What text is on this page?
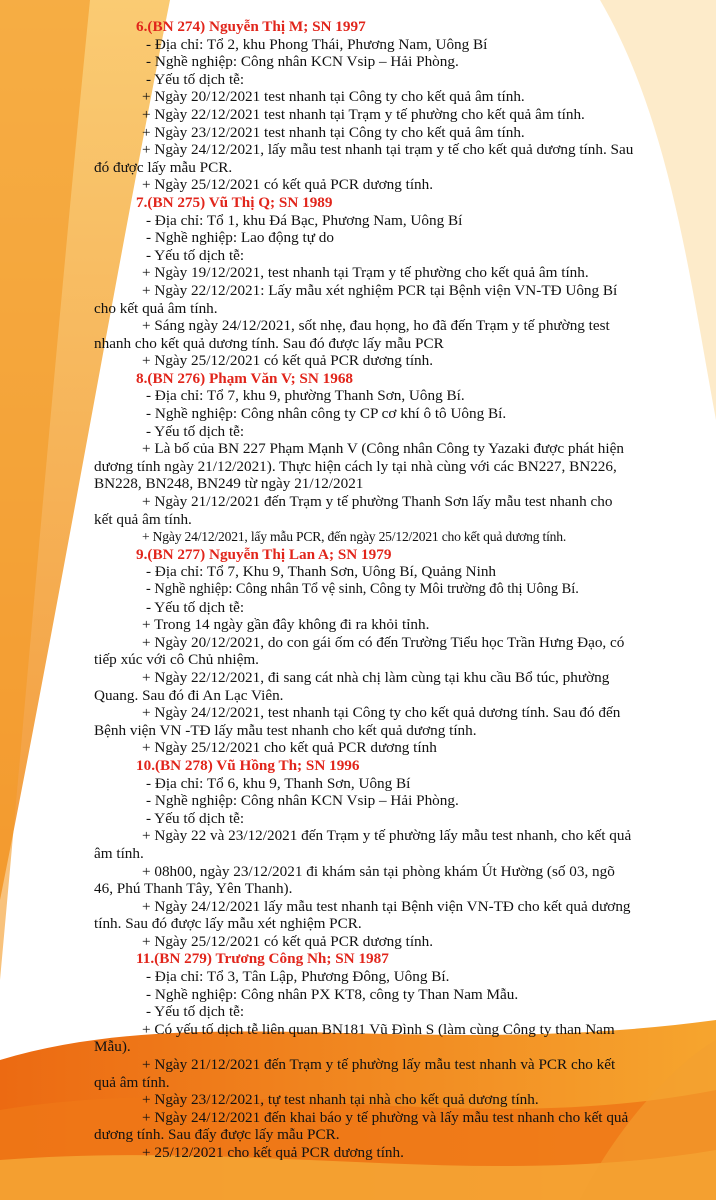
6.(BN 274) Nguyễn Thị M; SN 1997

- Địa chỉ: Tổ 2, khu Phong Thái, Phương Nam, Uông Bí

- Nghề nghiệp: Công nhân KCN Vsip – Hải Phòng.

- Yếu tố dịch tễ:

+ Ngày 20/12/2021 test nhanh tại Công ty cho kết quả âm tính.

+ Ngày 22/12/2021 test nhanh tại Trạm y tế phường cho kết quả âm tính.

+ Ngày 23/12/2021 test nhanh tại Công ty cho kết quả âm tính.

+ Ngày 24/12/2021, lấy mẫu test nhanh tại trạm y tế cho kết quả dương tính. Sau đó được lấy mẫu PCR.

+ Ngày 25/12/2021 có kết quả PCR dương tính.

7.(BN 275) Vũ Thị Q; SN 1989

- Địa chỉ: Tổ 1, khu Đá Bạc, Phương Nam, Uông Bí

- Nghề nghiệp: Lao động tự do

- Yếu tố dịch tễ:

+ Ngày 19/12/2021, test nhanh tại Trạm y tế phường cho kết quả âm tính.

+ Ngày 22/12/2021: Lấy mẫu xét nghiệm PCR tại Bệnh viện VN-TĐ Uông Bí cho kết quả âm tính.

+ Sáng ngày 24/12/2021, sốt nhẹ, đau họng, ho đã đến Trạm y tế phường test nhanh cho kết quả dương tính. Sau đó được lấy mẫu PCR

+ Ngày 25/12/2021 có kết quả PCR dương tính.

8.(BN 276) Phạm Văn V; SN 1968

- Địa chỉ: Tổ 7, khu 9, phường Thanh Sơn, Uông Bí.

- Nghề nghiệp: Công nhân công ty CP cơ khí ô tô Uông Bí.

- Yếu tố dịch tễ:

+ Là bố của BN 227 Phạm Mạnh V (Công nhân Công ty Yazaki được phát hiện dương tính ngày 21/12/2021). Thực hiện cách ly tại nhà cùng với các BN227, BN226, BN228, BN248, BN249 từ ngày 21/12/2021

+ Ngày 21/12/2021 đến Trạm y tế phường Thanh Sơn lấy mẫu test nhanh cho kết quả âm tính.

+ Ngày 24/12/2021, lấy mẫu PCR, đến ngày 25/12/2021 cho kết quả dương tính.

9.(BN 277) Nguyễn Thị Lan A; SN 1979

- Địa chỉ: Tổ 7, Khu 9, Thanh Sơn, Uông Bí, Quảng Ninh

- Nghề nghiệp: Công nhân Tổ vệ sinh, Công ty Môi trường đô thị Uông Bí.

- Yếu tố dịch tễ:

+ Trong 14 ngày gần đây không đi ra khỏi tỉnh.

+ Ngày 20/12/2021, do con gái ốm có đến Trường Tiểu học Trần Hưng Đạo, có tiếp xúc với cô Chủ nhiệm.

+ Ngày 22/12/2021, đi sang cát nhà chị làm cùng tại khu cầu Bổ túc, phường Quang. Sau đó đi An Lạc Viên.

+ Ngày 24/12/2021, test nhanh tại Công ty cho kết quả dương tính. Sau đó đến Bệnh viện VN -TĐ lấy mẫu test nhanh cho kết quả dương tính.

+ Ngày 25/12/2021 cho kết quả PCR dương tính

10.(BN 278) Vũ Hồng Th; SN 1996

- Địa chỉ: Tổ 6, khu 9, Thanh Sơn, Uông Bí

- Nghề nghiệp: Công nhân KCN Vsip – Hải Phòng.

- Yếu tố dịch tễ:

+ Ngày 22 và 23/12/2021 đến Trạm y tế phường lấy mẫu test nhanh, cho kết quả âm tính.

+ 08h00, ngày 23/12/2021 đi khám sản tại phòng khám Út Hường (số 03, ngõ 46, Phú Thanh Tây, Yên Thanh).

+ Ngày 24/12/2021 lấy mẫu test nhanh tại Bệnh viện VN-TĐ cho kết quả dương tính. Sau đó được lấy mẫu xét nghiệm PCR.

+ Ngày 25/12/2021 có kết quả PCR dương tính.

11.(BN 279) Trương Công Nh; SN 1987

- Địa chỉ: Tổ 3, Tân Lập, Phương Đông, Uông Bí.

- Nghề nghiệp: Công nhân PX KT8, công ty Than Nam Mẫu.

- Yếu tố dịch tễ:

+ Có yếu tố dịch tễ liên quan BN181 Vũ Đình S (làm cùng Công ty than Nam Mẫu).

+ Ngày 21/12/2021 đến Trạm y tế phường lấy mẫu test nhanh và PCR cho kết quả âm tính.

+ Ngày 23/12/2021, tự test nhanh tại nhà cho kết quả dương tính.

+ Ngày 24/12/2021 đến khai báo y tế phường và lấy mẫu test nhanh cho kết quả dương tính. Sau đấy được lấy mẫu PCR.

+ 25/12/2021 cho kết quả PCR dương tính.
